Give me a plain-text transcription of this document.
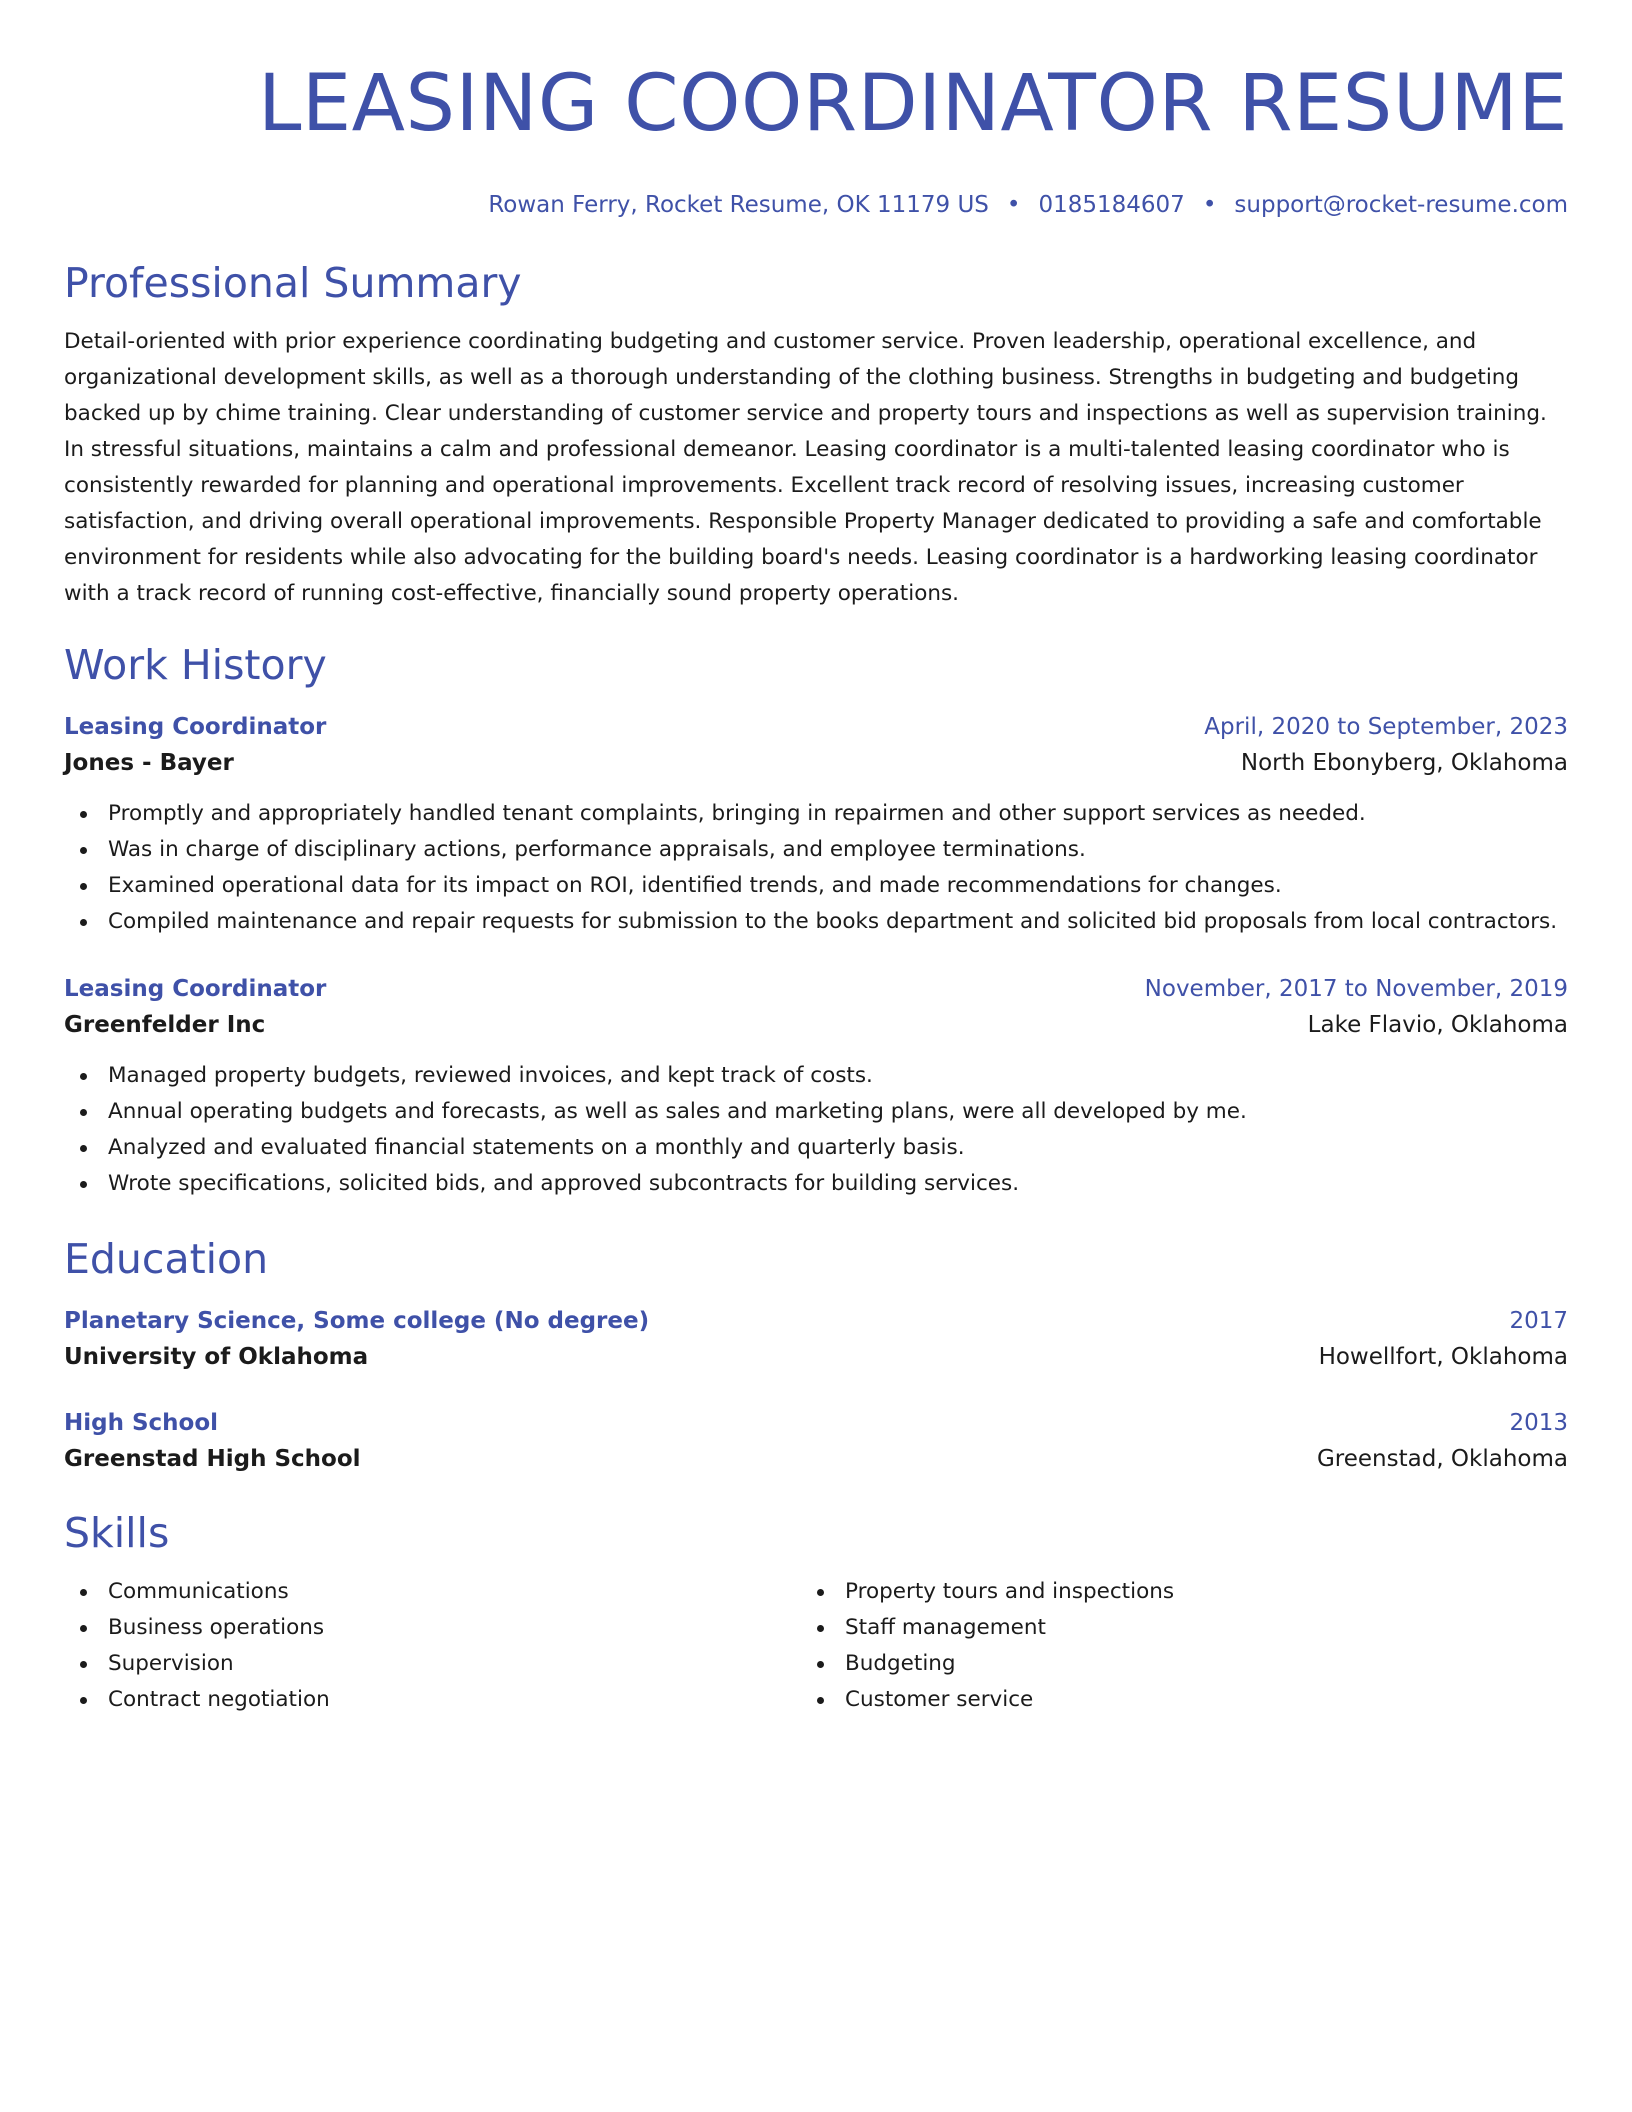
LEASING COORDINATOR RESUME
Rowan Ferry, Rocket Resume, OK 11179 US • 0185184607 • support@rocket-resume.com
Professional Summary

Detail-oriented with prior experience coordinating budgeting and customer service. Proven leadership, operational excellence, and organizational development skills, as well as a thorough understanding of the clothing business. Strengths in budgeting and budgeting backed up by chime training. Clear understanding of customer service and property tours and inspections as well as supervision training. In stressful situations, maintains a calm and professional demeanor. Leasing coordinator is a multi-talented leasing coordinator who is consistently rewarded for planning and operational improvements. Excellent track record of resolving issues, increasing customer satisfaction, and driving overall operational improvements. Responsible Property Manager dedicated to providing a safe and comfortable environment for residents while also advocating for the building board's needs. Leasing coordinator is a hardworking leasing coordinator with a track record of running cost-effective, financially sound property operations.

Work History
Leasing Coordinator	April, 2020 to September, 2023
Jones - Bayer	North Ebonyberg, Oklahoma
Promptly and appropriately handled tenant complaints, bringing in repairmen and other support services as needed.
Was in charge of disciplinary actions, performance appraisals, and employee terminations.
Examined operational data for its impact on ROI, identified trends, and made recommendations for changes.
Compiled maintenance and repair requests for submission to the books department and solicited bid proposals from local contractors.
Leasing Coordinator	November, 2017 to November, 2019
Greenfelder Inc	Lake Flavio, Oklahoma
Managed property budgets, reviewed invoices, and kept track of costs.
Annual operating budgets and forecasts, as well as sales and marketing plans, were all developed by me.
Analyzed and evaluated financial statements on a monthly and quarterly basis.
Wrote specifications, solicited bids, and approved subcontracts for building services.
Education
Planetary Science, Some college (No degree)	2017
University of Oklahoma	Howellfort, Oklahoma
High School	2013
Greenstad High School	Greenstad, Oklahoma
Skills
Communications
Business operations
Supervision
Contract negotiation
Property tours and inspections
Staff management
Budgeting
Customer service
